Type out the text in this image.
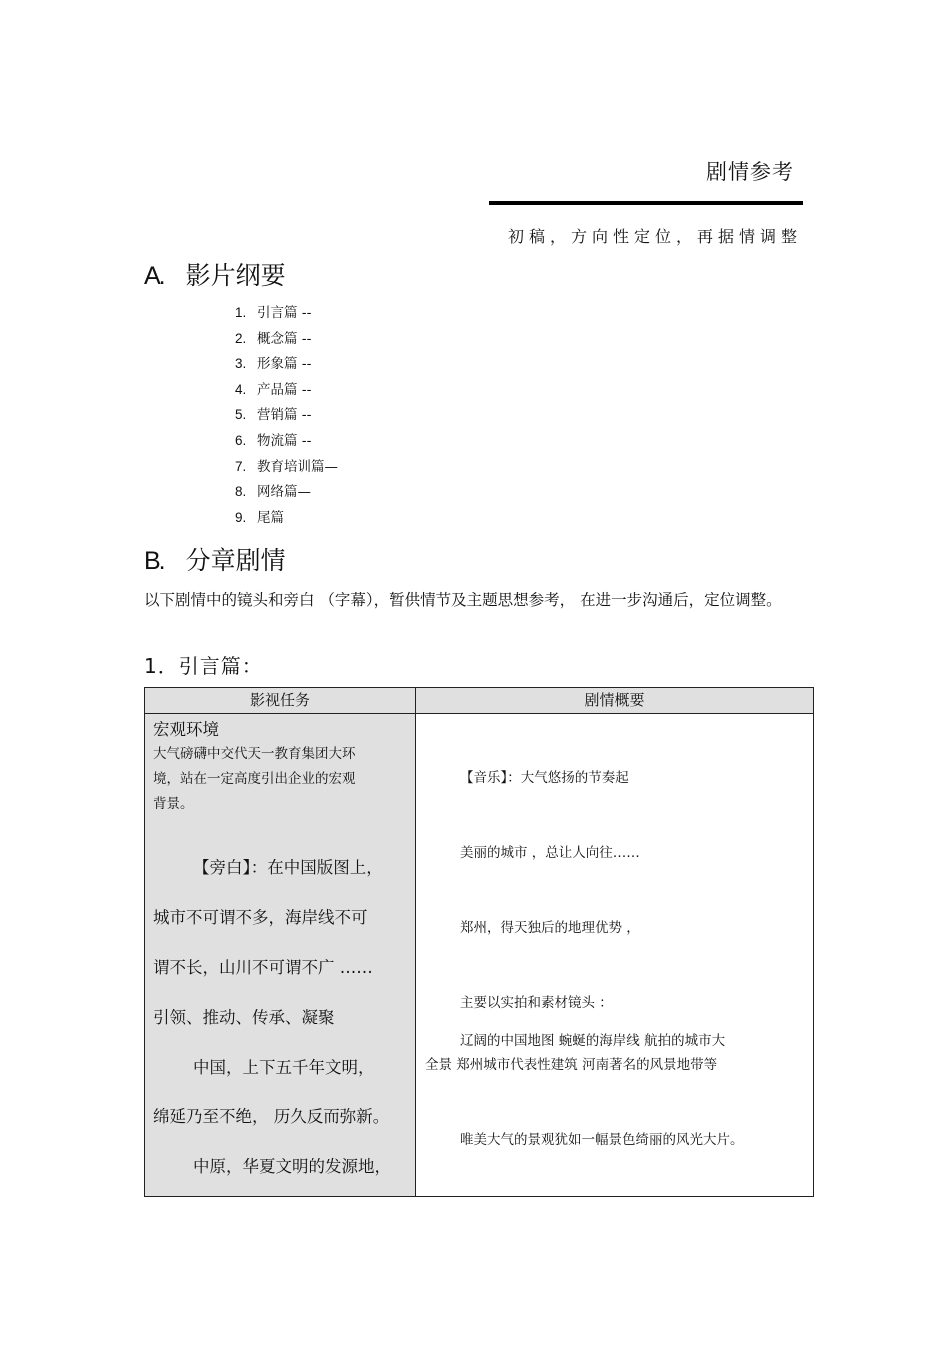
剧情参考
初稿，方向性定位，再据情调整
A. 影片纲要
1. 引言篇 --
2. 概念篇 --
3. 形象篇 --
4. 产品篇 --
5. 营销篇 --
6. 物流篇 --
7. 教育培训篇—
8. 网络篇—
9. 尾篇
B. 分章剧情
以下剧情中的镜头和旁白 （字幕），暂供情节及主题思想参考， 在进一步沟通后，定位调整。
1．引言篇：
影视任务	剧情概要
宏观环境
大气磅礴中交代天一教育集团大环
境，站在一定高度引出企业的宏观
背景。
【旁白】：在中国版图上，
城市不可谓不多，海岸线不可
谓不长，山川不可谓不广 ……
引领、推动、传承、凝聚
中国，上下五千年文明，
绵延乃至不绝， 历久反而弥新。
中原，华夏文明的发源地，
【音乐】：大气悠扬的节奏起
美丽的城市 ，总让人向往……
郑州，得天独后的地理优势 ，
主要以实拍和素材镜头 ：
辽阔的中国地图 蜿蜒的海岸线 航拍的城市大
全景 郑州城市代表性建筑 河南著名的风景地带等
唯美大气的景观犹如一幅景色绮丽的风光大片。
